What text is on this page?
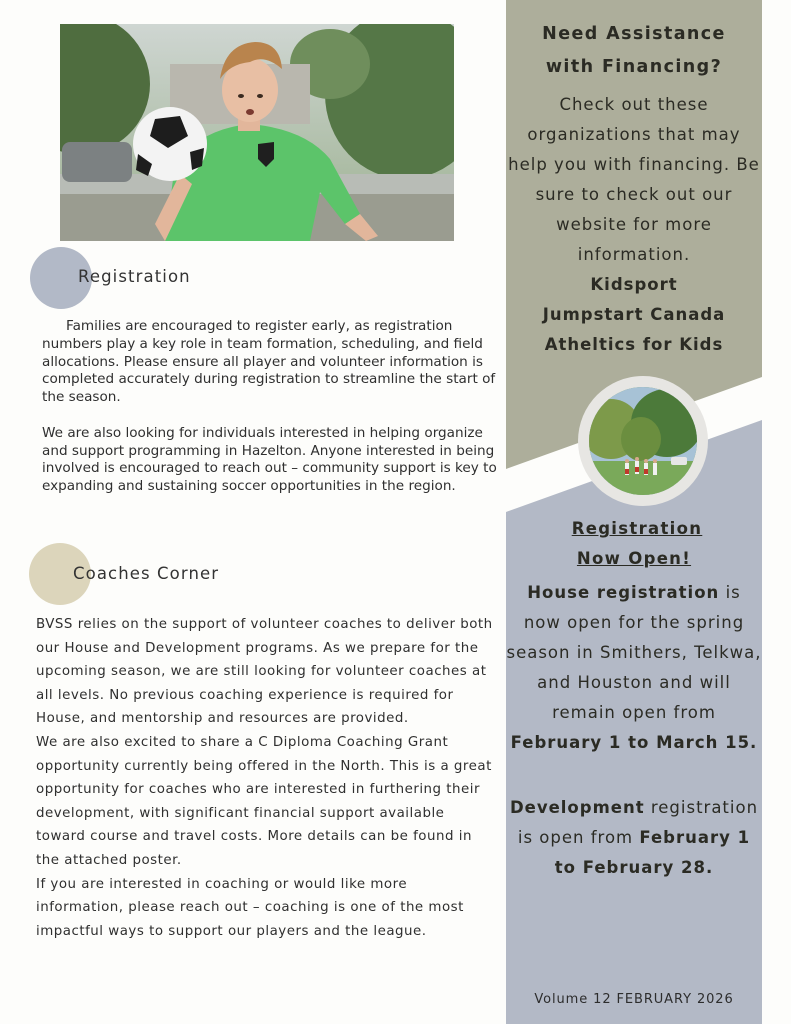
Registration

Families are encouraged to register early, as registration numbers play a key role in team formation, scheduling, and field allocations. Please ensure all player and volunteer information is completed accurately during registration to streamline the start of the season.

We are also looking for individuals interested in helping organize and support programming in Hazelton. Anyone interested in being involved is encouraged to reach out – community support is key to expanding and sustaining soccer opportunities in the region.

Coaches Corner

BVSS relies on the support of volunteer coaches to deliver both our House and Development programs. As we prepare for the upcoming season, we are still looking for volunteer coaches at all levels. No previous coaching experience is required for House, and mentorship and resources are provided.

We are also excited to share a C Diploma Coaching Grant opportunity currently being offered in the North. This is a great opportunity for coaches who are interested in furthering their development, with significant financial support available toward course and travel costs. More details can be found in the attached poster.

If you are interested in coaching or would like more information, please reach out – coaching is one of the most impactful ways to support our players and the league.

Need Assistance
with Financing?
Check out these organizations that may help you with financing. Be sure to check out our website for more information.
Kidsport
Jumpstart Canada
Atheltics for Kids
Registration
Now Open!
House registration is now open for the spring season in Smithers, Telkwa, and Houston and will remain open from February 1 to March 15.
Development registration is open from February 1 to February 28.
Volume 12 FEBRUARY 2026
